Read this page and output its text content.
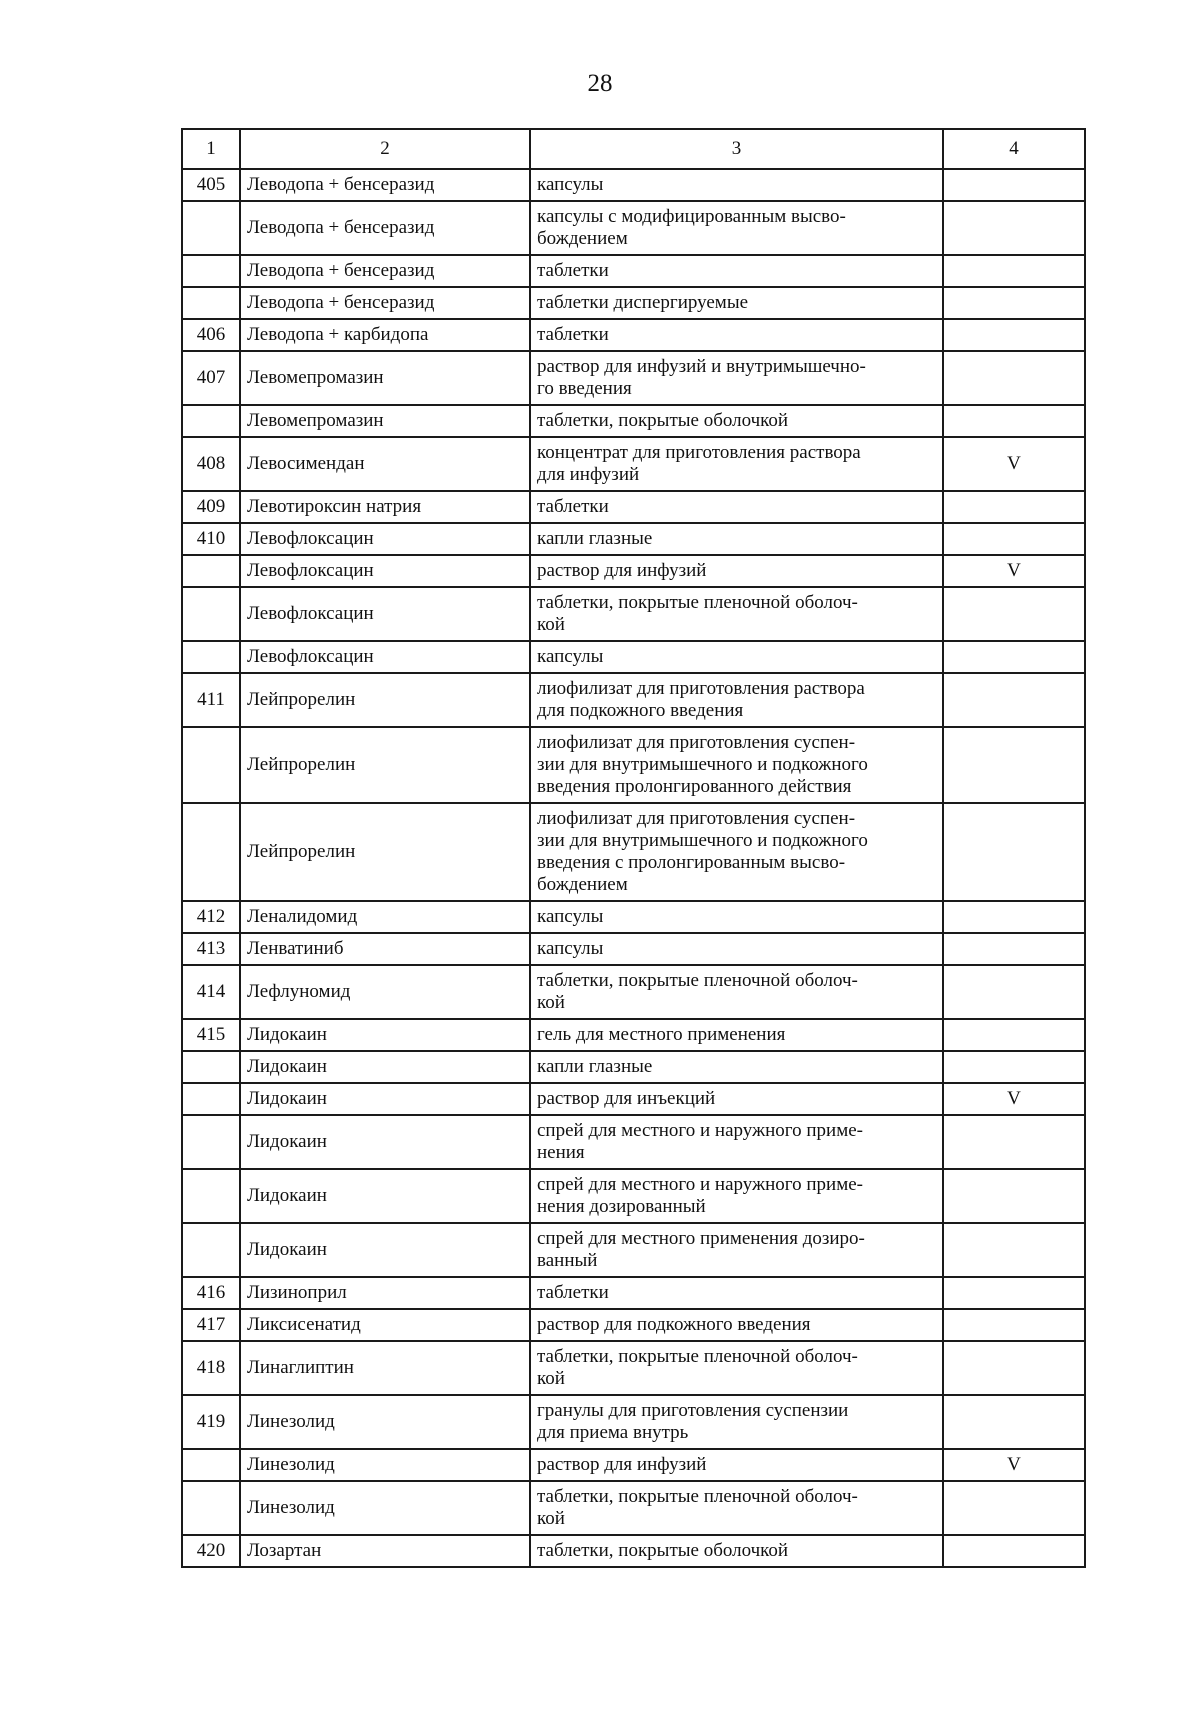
28
1	2	3	4
405	Леводопа + бенсеразид	капсулы	
	Леводопа + бенсеразид	капсулы с модифицированным высво-
бождением	
	Леводопа + бенсеразид	таблетки	
	Леводопа + бенсеразид	таблетки диспергируемые	
406	Леводопа + карбидопа	таблетки	
407	Левомепромазин	раствор для инфузий и внутримышечно-
го введения	
	Левомепромазин	таблетки, покрытые оболочкой	
408	Левосимендан	концентрат для приготовления раствора
для инфузий	V
409	Левотироксин натрия	таблетки	
410	Левофлоксацин	капли глазные	
	Левофлоксацин	раствор для инфузий	V
	Левофлоксацин	таблетки, покрытые пленочной оболоч-
кой	
	Левофлоксацин	капсулы	
411	Лейпрорелин	лиофилизат для приготовления раствора
для подкожного введения	
	Лейпрорелин	лиофилизат для приготовления суспен-
зии для внутримышечного и подкожного
введения пролонгированного действия	
	Лейпрорелин	лиофилизат для приготовления суспен-
зии для внутримышечного и подкожного
введения с пролонгированным высво-
бождением	
412	Леналидомид	капсулы	
413	Ленватиниб	капсулы	
414	Лефлуномид	таблетки, покрытые пленочной оболоч-
кой	
415	Лидокаин	гель для местного применения	
	Лидокаин	капли глазные	
	Лидокаин	раствор для инъекций	V
	Лидокаин	спрей для местного и наружного приме-
нения	
	Лидокаин	спрей для местного и наружного приме-
нения дозированный	
	Лидокаин	спрей для местного применения дозиро-
ванный	
416	Лизиноприл	таблетки	
417	Ликсисенатид	раствор для подкожного введения	
418	Линаглиптин	таблетки, покрытые пленочной оболоч-
кой	
419	Линезолид	гранулы для приготовления суспензии
для приема внутрь	
	Линезолид	раствор для инфузий	V
	Линезолид	таблетки, покрытые пленочной оболоч-
кой	
420	Лозартан	таблетки, покрытые оболочкой	
